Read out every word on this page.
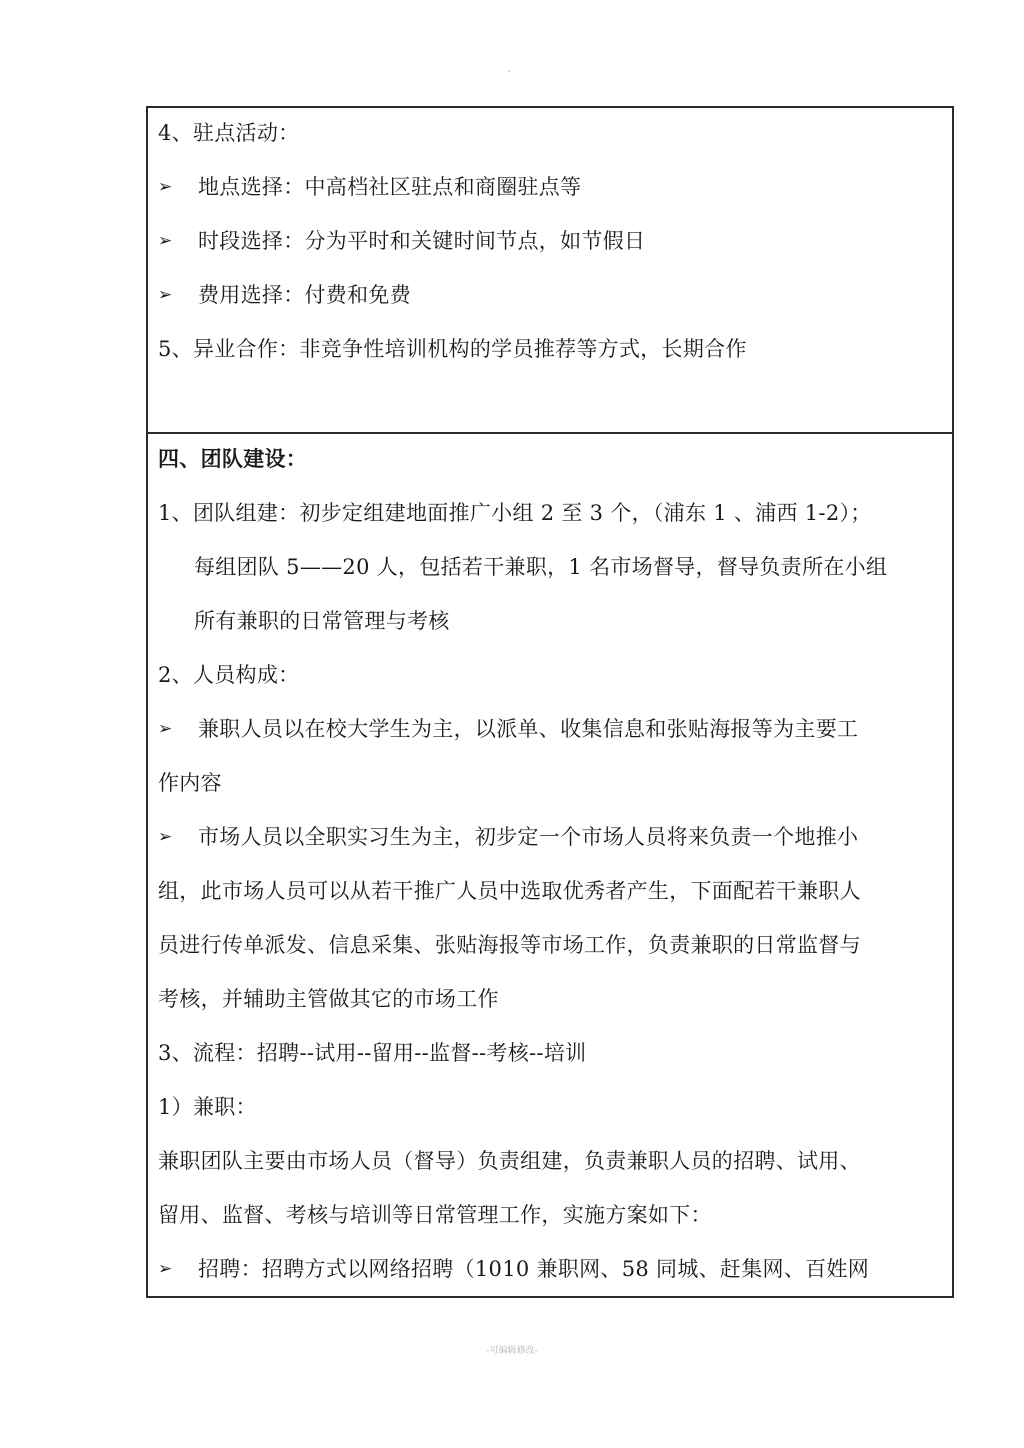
4、驻点活动：
➢ 地点选择：中高档社区驻点和商圈驻点等
➢ 时段选择：分为平时和关键时间节点，如节假日
➢ 费用选择：付费和免费
5、异业合作：非竞争性培训机构的学员推荐等方式，长期合作

四、团队建设：
1、团队组建：初步定组建地面推广小组 2 至 3 个，（浦东 1 、浦西 1-2）；
每组团队 5——20 人，包括若干兼职，1 名市场督导，督导负责所在小组
所有兼职的日常管理与考核
2、人员构成：
➢ 兼职人员以在校大学生为主，以派单、收集信息和张贴海报等为主要工
作内容
➢ 市场人员以全职实习生为主，初步定一个市场人员将来负责一个地推小
组，此市场人员可以从若干推广人员中选取优秀者产生，下面配若干兼职人
员进行传单派发、信息采集、张贴海报等市场工作，负责兼职的日常监督与
考核，并辅助主管做其它的市场工作
3、流程：招聘--试用--留用--监督--考核--培训
1）兼职：
兼职团队主要由市场人员（督导）负责组建，负责兼职人员的招聘、试用、
留用、监督、考核与培训等日常管理工作，实施方案如下：
➢ 招聘：招聘方式以网络招聘（1010 兼职网、58 同城、赶集网、百姓网
-可编辑修改-
